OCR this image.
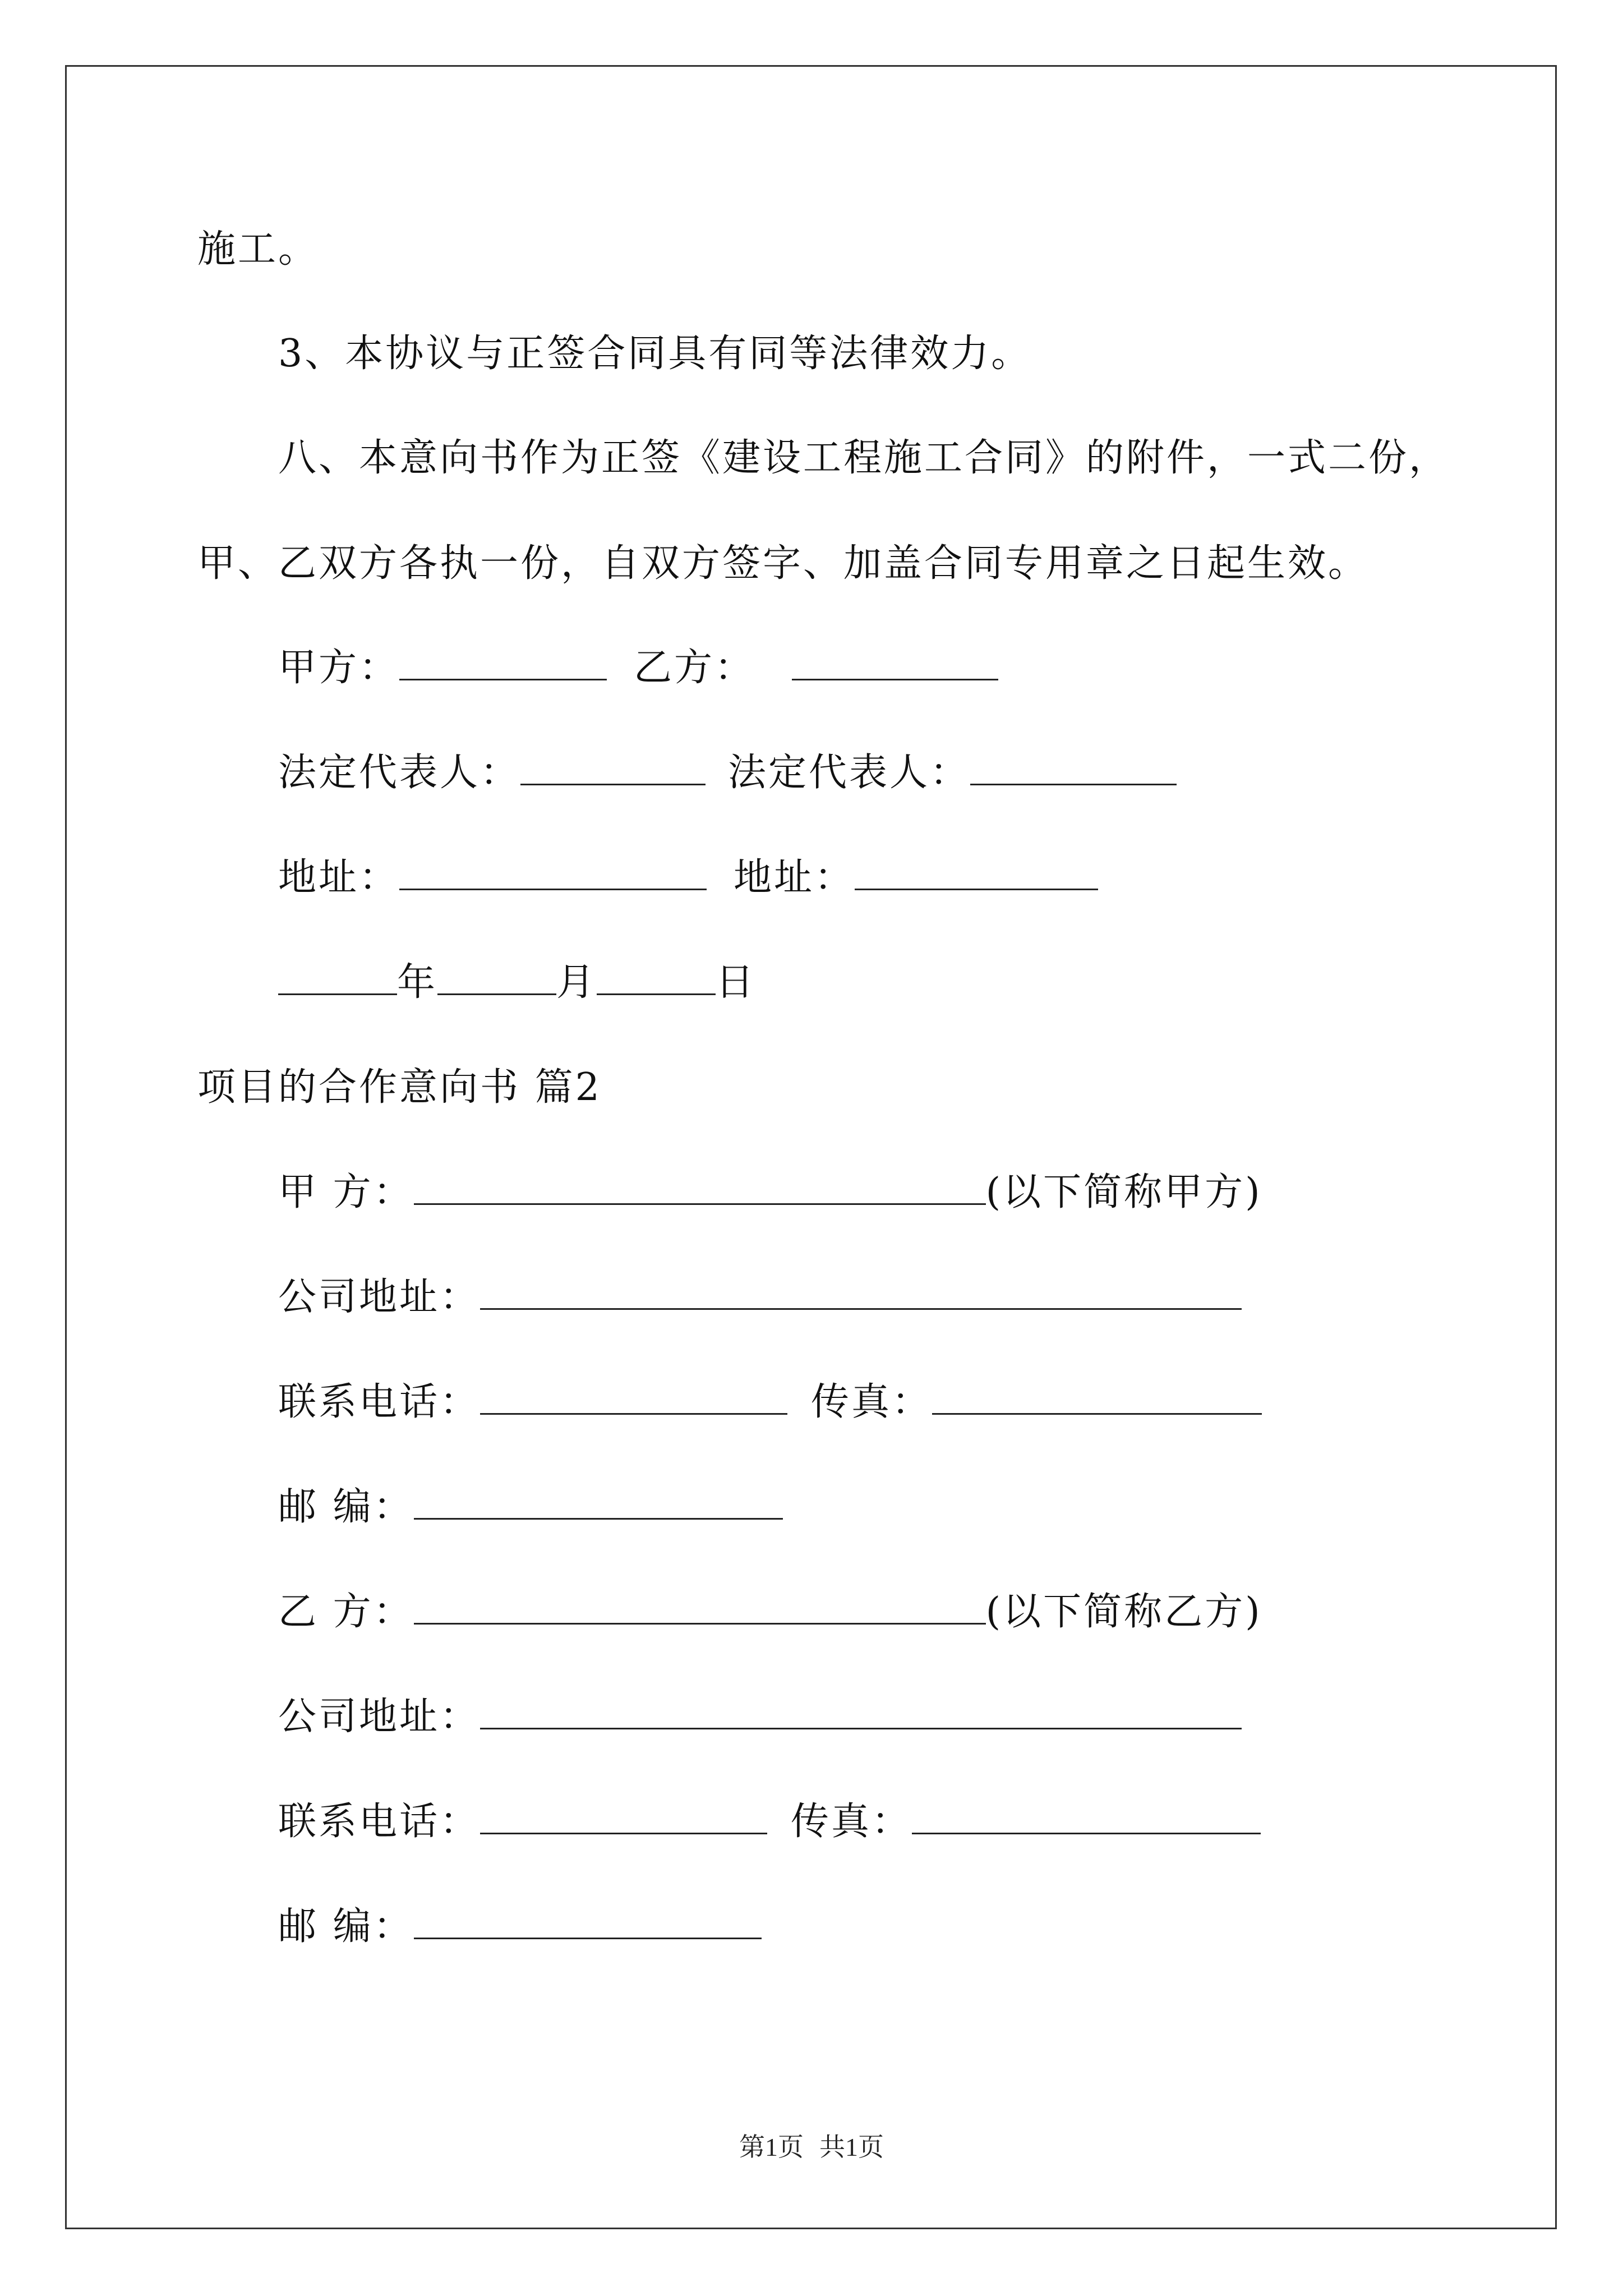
施工。
3、本协议与正签合同具有同等法律效力。
八、本意向书作为正签《建设工程施工合同》的附件，一式二份，
甲、乙双方各执一份，自双方签字、加盖合同专用章之日起生效。
甲方：	乙方：
法定代表人：	法定代表人：
地址：	地址：
年	月	日
项目的合作意向书 篇2
甲 方：	(以下简称甲方)
公司地址：
联系电话：	传真：
邮 编：
乙 方：	(以下简称乙方)
公司地址：
联系电话：	传真：
邮 编：
第1页 共1页
